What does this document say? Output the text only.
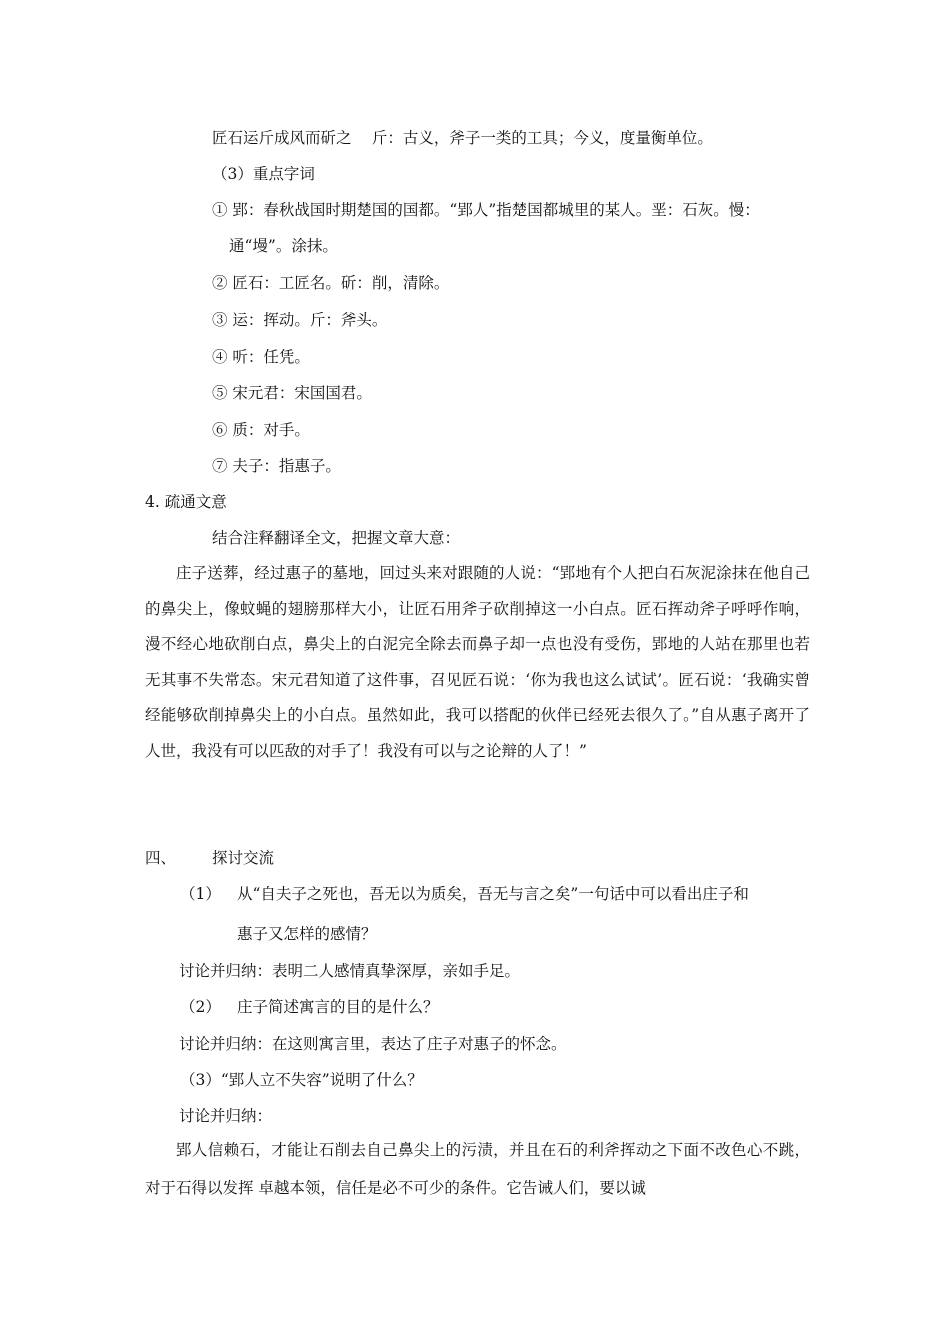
匠石运斤成风而斫之　 斤：古义，斧子一类的工具；今义，度量衡单位。
（3）重点字词
① 郢：春秋战国时期楚国的国都。“郢人”指楚国都城里的某人。垩：石灰。慢：
通“墁”。涂抹。
② 匠石：工匠名。斫：削，清除。
③ 运：挥动。斤：斧头。
④ 听：任凭。
⑤ 宋元君：宋国国君。
⑥ 质：对手。
⑦ 夫子：指惠子。
4. 疏通文意
结合注释翻译全文，把握文章大意：
庄子送葬，经过惠子的墓地，回过头来对跟随的人说：“郢地有个人把白石灰泥涂抹在他自己的鼻尖上，像蚊蝇的翅膀那样大小，让匠石用斧子砍削掉这一小白点。匠石挥动斧子呼呼作响，漫不经心地砍削白点，鼻尖上的白泥完全除去而鼻子却一点也没有受伤，郢地的人站在那里也若无其事不失常态。宋元君知道了这件事，召见匠石说：‘你为我也这么试试’。匠石说：‘我确实曾经能够砍削掉鼻尖上的小白点。虽然如此，我可以搭配的伙伴已经死去很久了。”自从惠子离开了人世，我没有可以匹敌的对手了！我没有可以与之论辩的人了！”
四、 探讨交流
（1） 从“自夫子之死也，吾无以为质矣，吾无与言之矣”一句话中可以看出庄子和
惠子又怎样的感情？
讨论并归纳：表明二人感情真挚深厚，亲如手足。
（2） 庄子简述寓言的目的是什么？
讨论并归纳：在这则寓言里，表达了庄子对惠子的怀念。
（3）“郢人立不失容”说明了什么？
讨论并归纳：
郢人信赖石，才能让石削去自己鼻尖上的污渍，并且在石的利斧挥动之下面不改色心不跳，对于石得以发挥 卓越本领，信任是必不可少的条件。它告诫人们，要以诚
